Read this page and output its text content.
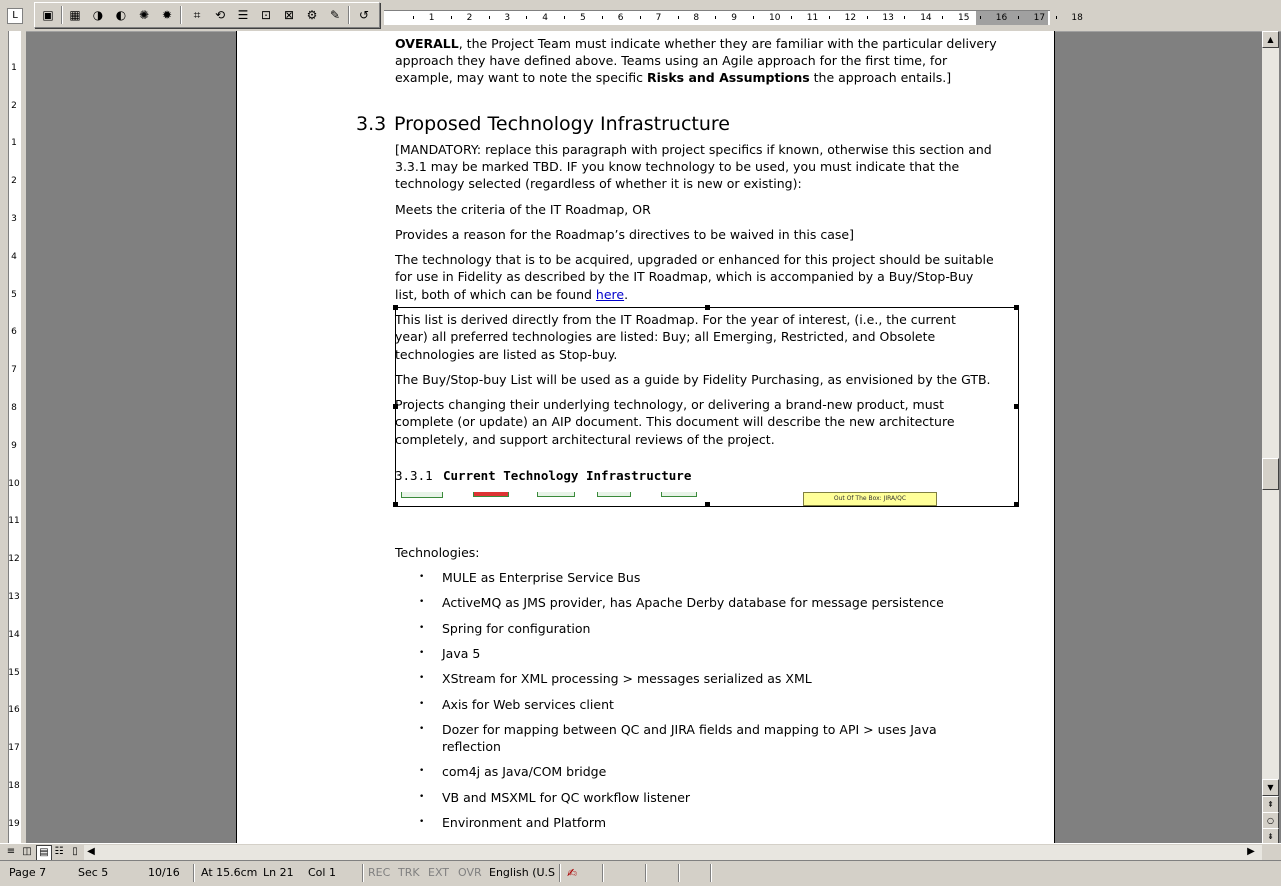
L	1	2	3	4	5	6	7	8	9	10	11	12	13	14	15	16	17	18
▣ ▦	◑	◐	✺	✹	⌗	⟲	☰	⊡	⊠	⚙	✎	↺
1
2
1
2
3
4
5
6
7
8
9
10
11
12
13
14
15
16
17
18
19
OVERALL, the Project Team must indicate whether they are familiar with the particular delivery
approach they have defined above. Teams using an Agile approach for the first time, for
example, may want to note the specific Risks and Assumptions the approach entails.]
3.3 Proposed Technology Infrastructure
[MANDATORY: replace this paragraph with project specifics if known, otherwise this section and
3.3.1 may be marked TBD. IF you know technology to be used, you must indicate that the
technology selected (regardless of whether it is new or existing):
Meets the criteria of the IT Roadmap, OR
Provides a reason for the Roadmap’s directives to be waived in this case]
The technology that is to be acquired, upgraded or enhanced for this project should be suitable
for use in Fidelity as described by the IT Roadmap, which is accompanied by a Buy/Stop-Buy
list, both of which can be found here.
This list is derived directly from the IT Roadmap. For the year of interest, (i.e., the current
year) all preferred technologies are listed: Buy; all Emerging, Restricted, and Obsolete
technologies are listed as Stop-buy.
The Buy/Stop-buy List will be used as a guide by Fidelity Purchasing, as envisioned by the GTB.
Projects changing their underlying technology, or delivering a brand-new product, must
complete (or update) an AIP document. This document will describe the new architecture
completely, and support architectural reviews of the project.
3.3.1 Current Technology Infrastructure
Out Of The Box: JIRA/QC
Technologies:
• MULE as Enterprise Service Bus
• ActiveMQ as JMS provider, has Apache Derby database for message persistence
• Spring for configuration
• Java 5
• XStream for XML processing > messages serialized as XML
• Axis for Web services client
• Dozer for mapping between QC and JIRA fields and mapping to API > uses Java
reflection
• com4j as Java/COM bridge
• VB and MSXML for QC workflow listener
• Environment and Platform
▲
▼
⇞
○
⇟
≡ ◫ ▤ ☷ ▯ ◀	▶
Page 7	Sec 5	10/16 At 15.6cm Ln 21 Col 1	REC TRK EXT OVR English (U.S ✍
